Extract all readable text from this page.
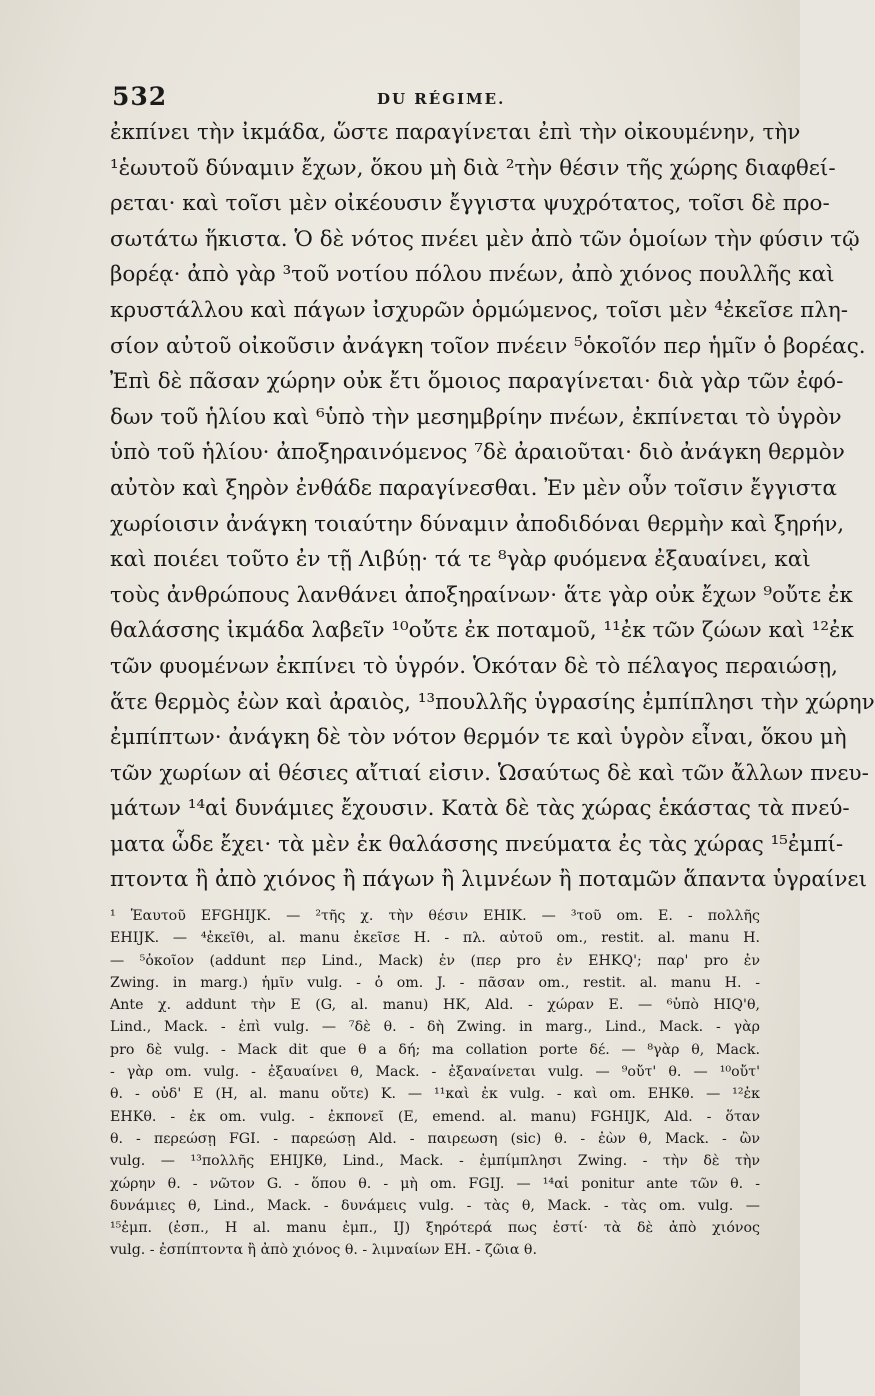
532	DU RÉGIME.
ἐκπίνει τὴν ἰκμάδα, ὥστε παραγίνεται ἐπὶ τὴν οἰκουμένην, τὴν
¹ἑωυτοῦ δύναμιν ἔχων, ὅκου μὴ διὰ ²τὴν θέσιν τῆς χώρης διαφθεί-
ρεται· καὶ τοῖσι μὲν οἰκέουσιν ἔγγιστα ψυχρότατος, τοῖσι δὲ προ-
σωτάτω ἥκιστα. Ὁ δὲ νότος πνέει μὲν ἀπὸ τῶν ὁμοίων τὴν φύσιν τῷ
βορέᾳ· ἀπὸ γὰρ ³τοῦ νοτίου πόλου πνέων, ἀπὸ χιόνος πουλλῆς καὶ
κρυστάλλου καὶ πάγων ἰσχυρῶν ὁρμώμενος, τοῖσι μὲν ⁴ἐκεῖσε πλη-
σίον αὐτοῦ οἰκοῦσιν ἀνάγκη τοῖον πνέειν ⁵ὁκοῖόν περ ἡμῖν ὁ βορέας.
Ἐπὶ δὲ πᾶσαν χώρην οὐκ ἔτι ὅμοιος παραγίνεται· διὰ γὰρ τῶν ἐφό-
δων τοῦ ἡλίου καὶ ⁶ὑπὸ τὴν μεσημβρίην πνέων, ἐκπίνεται τὸ ὑγρὸν
ὑπὸ τοῦ ἡλίου· ἀποξηραινόμενος ⁷δὲ ἀραιοῦται· διὸ ἀνάγκη θερμὸν
αὐτὸν καὶ ξηρὸν ἐνθάδε παραγίνεσθαι. Ἐν μὲν οὖν τοῖσιν ἔγγιστα
χωρίοισιν ἀνάγκη τοιαύτην δύναμιν ἀποδιδόναι θερμὴν καὶ ξηρήν,
καὶ ποιέει τοῦτο ἐν τῇ Λιβύῃ· τά τε ⁸γὰρ φυόμενα ἐξαυαίνει, καὶ
τοὺς ἀνθρώπους λανθάνει ἀποξηραίνων· ἅτε γὰρ οὐκ ἔχων ⁹οὔτε ἐκ
θαλάσσης ἰκμάδα λαβεῖν ¹⁰οὔτε ἐκ ποταμοῦ, ¹¹ἐκ τῶν ζώων καὶ ¹²ἐκ
τῶν φυομένων ἐκπίνει τὸ ὑγρόν. Ὁκόταν δὲ τὸ πέλαγος περαιώσῃ,
ἅτε θερμὸς ἐὼν καὶ ἀραιὸς, ¹³πουλλῆς ὑγρασίης ἐμπίπλησι τὴν χώρην
ἐμπίπτων· ἀνάγκη δὲ τὸν νότον θερμόν τε καὶ ὑγρὸν εἶναι, ὅκου μὴ
τῶν χωρίων αἱ θέσιες αἴτιαί εἰσιν. Ὡσαύτως δὲ καὶ τῶν ἄλλων πνευ-
μάτων ¹⁴αἱ δυνάμιες ἔχουσιν. Κατὰ δὲ τὰς χώρας ἑκάστας τὰ πνεύ-
ματα ὧδε ἔχει· τὰ μὲν ἐκ θαλάσσης πνεύματα ἐς τὰς χώρας ¹⁵ἐμπί-
πτοντα ἢ ἀπὸ χιόνος ἢ πάγων ἢ λιμνέων ἢ ποταμῶν ἅπαντα ὑγραίνει
¹ Ἑαυτοῦ EFGHIJK. — ²τῆς χ. τὴν θέσιν EHIK. — ³τοῦ om. E. - πολλῆς
EHIJK. — ⁴ἐκεῖθι, al. manu ἐκεῖσε H. - πλ. αὐτοῦ om., restit. al. manu H.
— ⁵ὁκοῖον (addunt περ Lind., Mack) ἐν (περ pro ἐν EHKQ'; παρ' pro ἐν
Zwing. in marg.) ἡμῖν vulg. - ὁ om. J. - πᾶσαν om., restit. al. manu H. -
Ante χ. addunt τὴν E (G, al. manu) HK, Ald. - χώραν E. — ⁶ὑπὸ HIQ'θ,
Lind., Mack. - ἐπὶ vulg. — ⁷δὲ θ. - δὴ Zwing. in marg., Lind., Mack. - γὰρ
pro δὲ vulg. - Mack dit que θ a δή; ma collation porte δέ. — ⁸γὰρ θ, Mack.
- γὰρ om. vulg. - ἐξαυαίνει θ, Mack. - ἐξαναίνεται vulg. — ⁹οὔτ' θ. — ¹⁰οὔτ'
θ. - οὐδ' E (H, al. manu οὔτε) K. — ¹¹καὶ ἐκ vulg. - καὶ om. EHKθ. — ¹²ἐκ
EHKθ. - ἐκ om. vulg. - ἐκπονεῖ (E, emend. al. manu) FGHIJK, Ald. - ὅταν
θ. - περεώσῃ FGI. - παρεώσῃ Ald. - παιρεωση (sic) θ. - ἐὼν θ, Mack. - ὢν
vulg. — ¹³πολλῆς EHIJKθ, Lind., Mack. - ἐμπίμπλησι Zwing. - τὴν δὲ τὴν
χώρην θ. - νῶτον G. - ὅπου θ. - μὴ om. FGIJ. — ¹⁴αἱ ponitur ante τῶν θ. -
δυνάμιες θ, Lind., Mack. - δυνάμεις vulg. - τὰς θ, Mack. - τὰς om. vulg. —
¹⁵ἐμπ. (ἐσπ., H al. manu ἐμπ., IJ) ξηρότερά πως ἐστί· τὰ δὲ ἀπὸ χιόνος
vulg. - ἐσπίπτοντα ἢ ἀπὸ χιόνος θ. - λιμναίων EH. - ζῶια θ.
